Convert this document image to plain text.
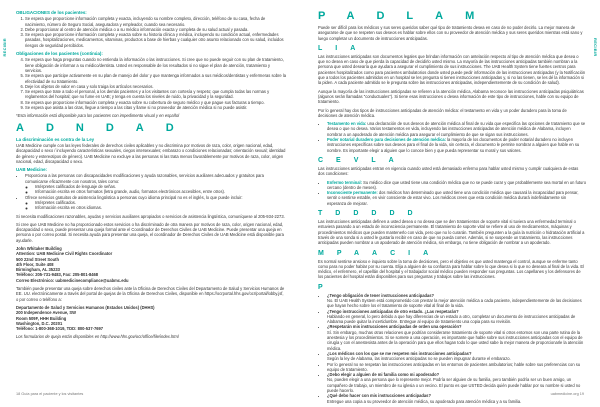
RECIBIR
OBLIGACIONES de los pacientes:
1. Se espera que proporcione información completa y exacta, incluyendo su nombre completo, dirección, teléfono de su casa, fecha de nacimiento, número de Seguro Social, aseguradora y empleador, cuando sea necesario.
2. Debe proporcionar al centro de atención médica o a su médico información exacta y completa de su salud actual y pasada.
3. Se espera que proporcione información completa y exacta sobre su historia clínica y médica, incluyendo su condición actual, enfermedades pasadas, hospitalizaciones, medicamentos, vitaminas, productos a base de hierbas y cualquier otro asunto relacionado con su salud, incluidos riesgos de seguridad percibidos.
Obligaciones de los pacientes (continúa):
4. Se espera que haga preguntas cuando no entienda la información o las instrucciones. Si cree que no puede seguir con su plan de tratamiento, tiene obligación de informar a su médico/dentista. Usted es responsable de los resultados si no sigue el plan de atención, tratamiento y servicios.
5. Se espera que participe activamente en su plan de manejo del dolor y que mantenga informados a sus médicos/dentistas y enfermeras sobre la efectividad de su tratamiento.
6. Deje los objetos de valor en casa y solo traiga los artículos necesarios.
7. Se espera que trate a todo el personal, a los demás pacientes y a los visitantes con cortesía y respeto; que cumpla todas las normas y reglamentos del hospital; que no fume en UAB; y tenga en cuenta los niveles de ruido, la privacidad y la seguridad.
8. Se espera que proporcione información completa y exacta sobre su cobertura de seguro médico y que pague sus facturas a tiempo.
9. Se espera que asista a las citas, llegue a tiempo a las citas y llame si no proveedor de atención médica si no puede asistir.

*Esta información está disponible para los pacientes con impedimento visual y en español

ADNDAD
La discriminación es contra de la Ley

UAB Medicine cumple con las leyes federales de derechos civiles aplicables y no discrimina por motivos de raza, color, origen nacional, edad, discapacidad o sexo / incluyendo características sexuales, ciegos intersexuales; embarazo o condiciones relacionadas; orientación sexual; identidad de género y estereotipos de género). UAB Medicine no excluye a las personas ni las trata menos favorablemente por motivos de raza, color, origen nacional, edad, discapacidad o sexo.

UAB Medicine:
• Proporciona a las personas con discapacidades modificaciones y ayuda razonables, servicios auxiliares adecuados y gratuitos para comunicarse eficazmente con nosotros, tales como:
◦ Intérpretes calificados de lenguaje de señas.
◦ Información escrita en otros formatos (letra grande, audio, formatos electrónicos accesibles, entre otros).
• Ofrece servicios gratuitos de asistencia lingüística a personas cuyo idioma principal no es el inglés, lo que puede incluir:
◦ Intérpretes calificados.
◦ Información escrita en otros idiomas.

Si necesita modificaciones razonables, ayudas y servicios auxiliares apropiados o servicios de asistencia lingüística, comuníquese al 205-934-2273.

Si cree que UAB Medicine no ha proporcionado estos servicios o ha discriminado de otra manera por motivos de raza, color, origen nacional, edad, discapacidad o sexo, puede presentar una queja formal ante el Coordinador de Derechos Civiles de UAB Medicine. Puede presentar una queja en persona o por correo postal. Si necesita ayuda para presentar una queja, el coordinador de Derechos Civiles de UAB Medicine está disponible para ayudarle.

John Whitaker Building

Attention: UAB Medicine Civil Rights Coordinator

500 22nd Street South

4th Floor, Suite 408

Birmingham, AL 35233

Teléfono: 205-731-9483, Fax: 205-801-8468

Correo Electrónico: uabmedicinecompliance@uabmc.edu

También puede presentar una queja sobre derechos civiles ante la Oficina de Derechos Civiles del Departamento de Salud y Servicios Humanos de EE. UU. electrónicamente a través del portal de quejas de la Oficina de Derechos Civiles, disponible en https://ocrportal.hhs.gov/ocr/portal/lobby.jsf, o por correo o teléfono a:

Departamento de Salud y Servicios Humanos (Estados Unidos) (DHHS)

200 Independence Avenue, SW

Room 509F, HHH Building

Washington, D.C. 20201

Teléfono: 1-800-368-1019, TDD: 800-537-7697

Los formularios de queja están disponibles en http://www.hhs.gov/ocr/office/file/index.html

18 Guía para el paciente y los visitantes
RECIBIR
PADLAM

Puede ser difícil para los médicos y sus seres queridos saber qué tipo de tratamiento desea en caso de no poder decirlo. La mejor manera de asegurarse de que se respeten sus deseos es hablar sobre ellos con su proveedor de atención médica y sus seres queridos mientras está sano y luego completar un documento de instrucciones anticipadas.

LIA

Las instrucciones anticipadas son documentos legales que brindan información con antelación respecto al tipo de atención médica que desea o que no desea en caso de que pierda la capacidad de decidirlo usted mismo. La mayoría de las instrucciones anticipadas también nombran a la persona que usted desearía que ayudara a asegurar el cumplimiento de sus instrucciones. The UAB Health System tiene fuertes centros para pacientes hospitalizados como para pacientes ambulatorios donde usted puede pedir información de las instrucciones anticipadas (y la Notificación que a todos los pacientes admitidos en un hospital se les pregunta si tienen instrucciones anticipadas y, si no las tienen, se les dé la información si la piden. A cada paciente admitido se le pregunta sobre las instrucciones anticipadas, independientemente de su condición de salud).

Aunque la mayoría de las instrucciones anticipadas se refieren a la atención médica, Alabama reconoce las instrucciones anticipadas psiquiátricas (algunos serán llamadas "conductuales"). Si tiene esas instrucciones o desea información de este tipo de instrucciones, hable con su equipo de tratamiento.

Por lo general hay dos tipos de instrucciones anticipadas de atención médica: el testamento en vida y un poder duradero para la toma de decisiones de atención médica.

• Testamento en vida: una declaración de sus deseos de atención médica al final de su vida que especifica las opciones de tratamiento que se desea o que no desea. Varios testamentos en vida, incluyendo las instrucciones anticipadas de atención médica de Alabama, incluyen nombrar a un apoderado de atención médica para asegurar el cumplimiento de que se sigan sus instrucciones.
• Poder notarial duradero para decisiones de atención médica: la mayoría de los documentos de poder notarial duradero no incluyen instrucciones específicas sobre sus deseos para el final de la vida, sin certeza, el documento le permite nombrar a alguien que hable en su nombre. Es importante elegir a alguien que lo conoce bien y que pueda representar su moral y sus valores.
CEVLA

Las instrucciones anticipadas entran en vigencia cuando usted está demasiado enfermo para hablar usted mismo y cumplir cualquiera de estas dos condiciones:

• Enfermo terminal: Su médico dice que usted tiene una condición médica que no se puede curar y que probablemente sea mortal en un futuro cercano (dentro de meses).
• Inconsciente permanente: dos médicos han determinado que usted tiene una condición médica que causará la incapacidad para pensar, sentir o sentirse estable, en vivir consciente de estar vivo. Los médicos creen que esta condición médica durará indefinidamente sin esperanza de mejorar.
TDDDDD

Las instrucciones anticipadas definen a usted desea o no desea que se den tratamientos de soporte vital si tuviera una enfermedad terminal o estuviera pasando a un estado de inconsciencia permanente. El tratamiento de soporte vital se refiere al uso de medicamentos, máquinas y procedimientos médicos que pueden mantenerlo con vida, pero que no lo curarán. También pregunten a la guía la nutrición o hidratación artificial a través de una sonda si a usted le gustaría recibir en caso de que no pueda comer. Además, si se suspende un tratamiento, las instrucciones anticipadas pueden nombrar a un apoderado de atención médica, sin embargo, no tiene obligación de nombrar a un apoderado.

MPAACIA

Es normal sentirse ansioso e inquieto sobre la toma de decisiones, pero el objetivo es que usted mantenga el control, aunque se enferme tanto como para no poder hablar por su cuenta. Elija a alguien de su confianza para hablar sobre lo que desea si lo que no deseara al final de la vida. El médico, el enfermero, el capellán del hospital y el trabajador social médico pueden responder sus preguntas. Los capellanes y los defensores de los pacientes del hospital están disponibles para sus preguntas y trabajos sobre las instrucciones.

P
• ¿Tengo obligación de tener instrucciones anticipadas?
No. El UAB Health System está comprometido con prestar la mejor atención médica a cada paciente, independientemente de las decisiones que hayan hecho sobre los el tratamiento de soporte vital al final de la vida.
• ¿Tengo instrucciones anticipadas de otro estado. ¿Las respetarán?
Hablando en general, lo pero debido a que hay diferencias de un estado a otro, completar un documento de instrucciones anticipadas de Alabama puede quitar la incertidumbre. Entregue al equipo de tratamiento una copia para su revisión.
• ¿Respetarán mis instrucciones anticipadas de orden una operación?
Sí. Sin embargo, muchas otras relaciones que podrían considerarse tratamiento de soporte vital si otros entornos son una parte rutina de la anestesia y los procedimientos. Si se somete a una operación, es importante que hable sobre sus instrucciones anticipadas con el equipo de cirugía y con el anestesista antes de la operación para que ellos hagan todo lo que usted sabe la mejor manera de proporcionarle la atención médica.
• ¿Los médicos con los que se me respeten mis instrucciones anticipadas?
Según la ley de Alabama, las instrucciones anticipadas no se pueden impugnar durante el embarazo.
• Por lo general no se respetan las instrucciones anticipadas en los entornos de pacientes ambulatorios; hable sobre sus preferencias con su equipo de tratamiento.
• ¿Debo elegir a alguien de mi familia como mi apoderado?
No, pueden elegir a una persona que lo represente mejor. Podría ser alguien de su familia, pero también podría ser un buen amigo, un compañero de trabajo, un miembro de su iglesia o un vecino. El punto es que USTED decida quién puede hablar por su nombre si usted no puede hacerlo.
• ¿Qué debo hacer con mis instrucciones anticipadas?
Entregue una copia a su proveedor de atención médica, su apoderado para atención médica y a su familia.
uabmedicine.org 19
